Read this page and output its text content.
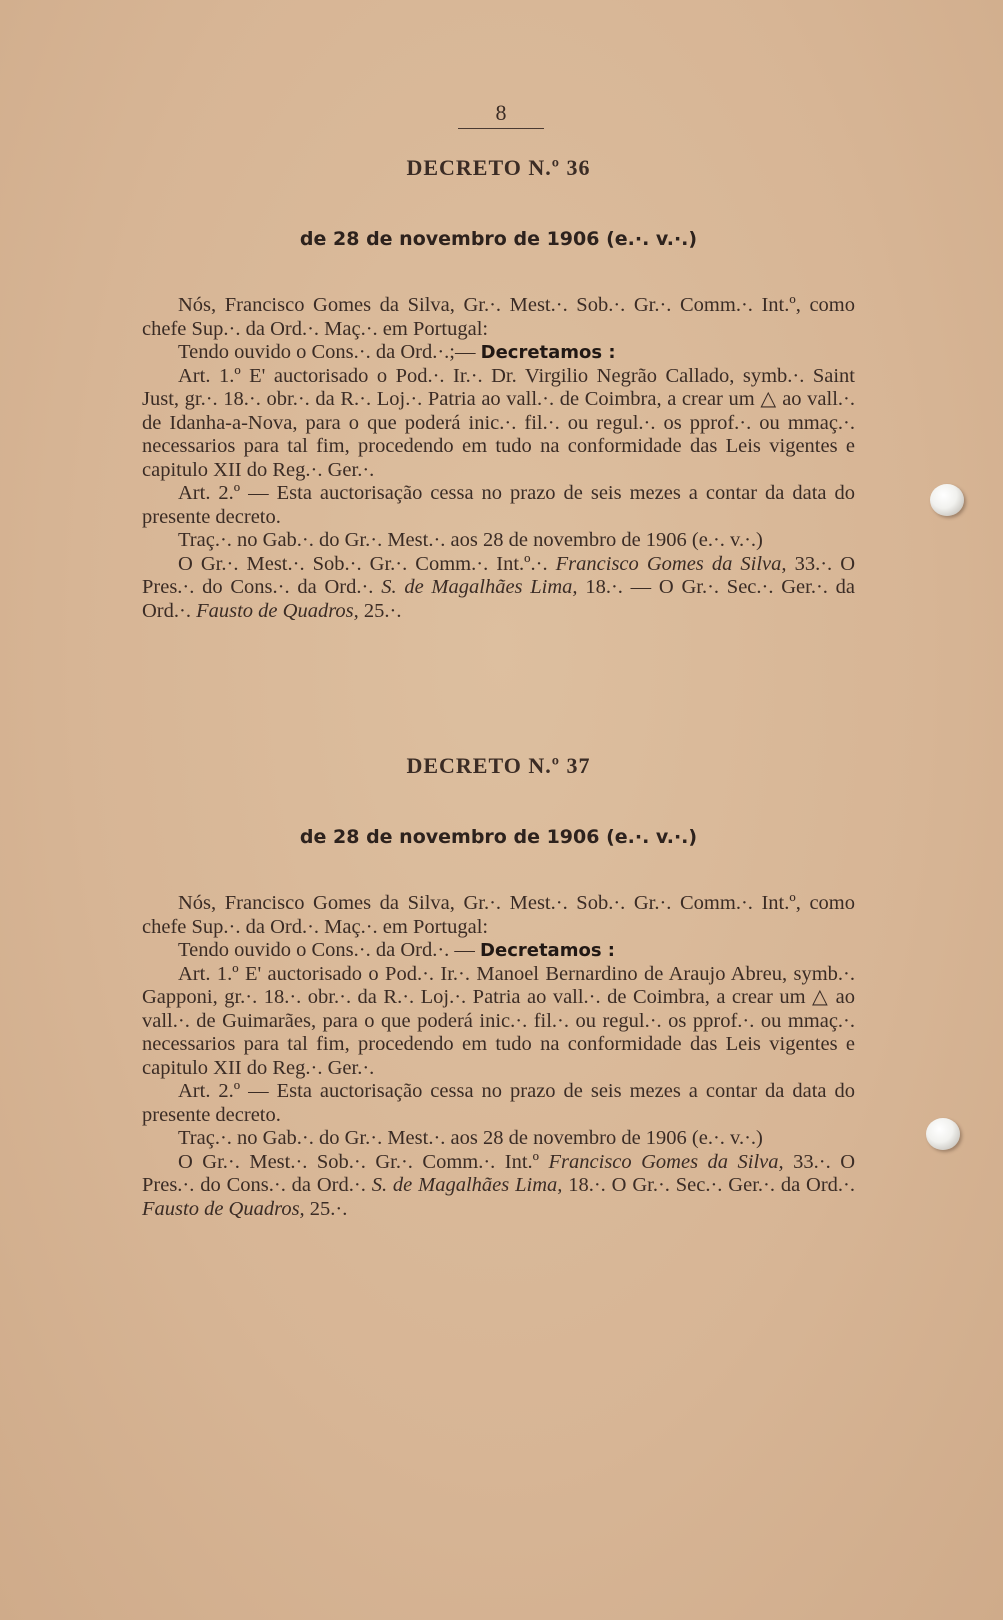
8
DECRETO N.º 36
de 28 de novembro de 1906 (e.·. v.·.)

Nós, Francisco Gomes da Silva, Gr.·. Mest.·. Sob.·. Gr.·. Comm.·. Int.º, como chefe Sup.·. da Ord.·. Maç.·. em Portugal:

Tendo ouvido o Cons.·. da Ord.·.;— Decretamos :

Art. 1.º E' auctorisado o Pod.·. Ir.·. Dr. Virgilio Negrão Callado, symb.·. Saint Just, gr.·. 18.·. obr.·. da R.·. Loj.·. Patria ao vall.·. de Coimbra, a crear um △ ao vall.·. de Idanha-a-Nova, para o que poderá inic.·. fil.·. ou regul.·. os pprof.·. ou mmaç.·. necessarios para tal fim, procedendo em tudo na conformidade das Leis vigentes e capitulo XII do Reg.·. Ger.·.

Art. 2.º — Esta auctorisação cessa no prazo de seis mezes a contar da data do presente decreto.

Traç.·. no Gab.·. do Gr.·. Mest.·. aos 28 de novembro de 1906 (e.·. v.·.)

O Gr.·. Mest.·. Sob.·. Gr.·. Comm.·. Int.º.·. Francisco Gomes da Silva, 33.·. O Pres.·. do Cons.·. da Ord.·. S. de Magalhães Lima, 18.·. — O Gr.·. Sec.·. Ger.·. da Ord.·. Fausto de Quadros, 25.·.

DECRETO N.º 37
de 28 de novembro de 1906 (e.·. v.·.)

Nós, Francisco Gomes da Silva, Gr.·. Mest.·. Sob.·. Gr.·. Comm.·. Int.º, como chefe Sup.·. da Ord.·. Maç.·. em Portugal:

Tendo ouvido o Cons.·. da Ord.·. — Decretamos :

Art. 1.º E' auctorisado o Pod.·. Ir.·. Manoel Bernardino de Araujo Abreu, symb.·. Gapponi, gr.·. 18.·. obr.·. da R.·. Loj.·. Patria ao vall.·. de Coimbra, a crear um △ ao vall.·. de Guimarães, para o que poderá inic.·. fil.·. ou regul.·. os pprof.·. ou mmaç.·. necessarios para tal fim, procedendo em tudo na conformidade das Leis vigentes e capitulo XII do Reg.·. Ger.·.

Art. 2.º — Esta auctorisação cessa no prazo de seis mezes a contar da data do presente decreto.

Traç.·. no Gab.·. do Gr.·. Mest.·. aos 28 de novembro de 1906 (e.·. v.·.)

O Gr.·. Mest.·. Sob.·. Gr.·. Comm.·. Int.º Francisco Gomes da Silva, 33.·. O Pres.·. do Cons.·. da Ord.·. S. de Magalhães Lima, 18.·. O Gr.·. Sec.·. Ger.·. da Ord.·. Fausto de Quadros, 25.·.
